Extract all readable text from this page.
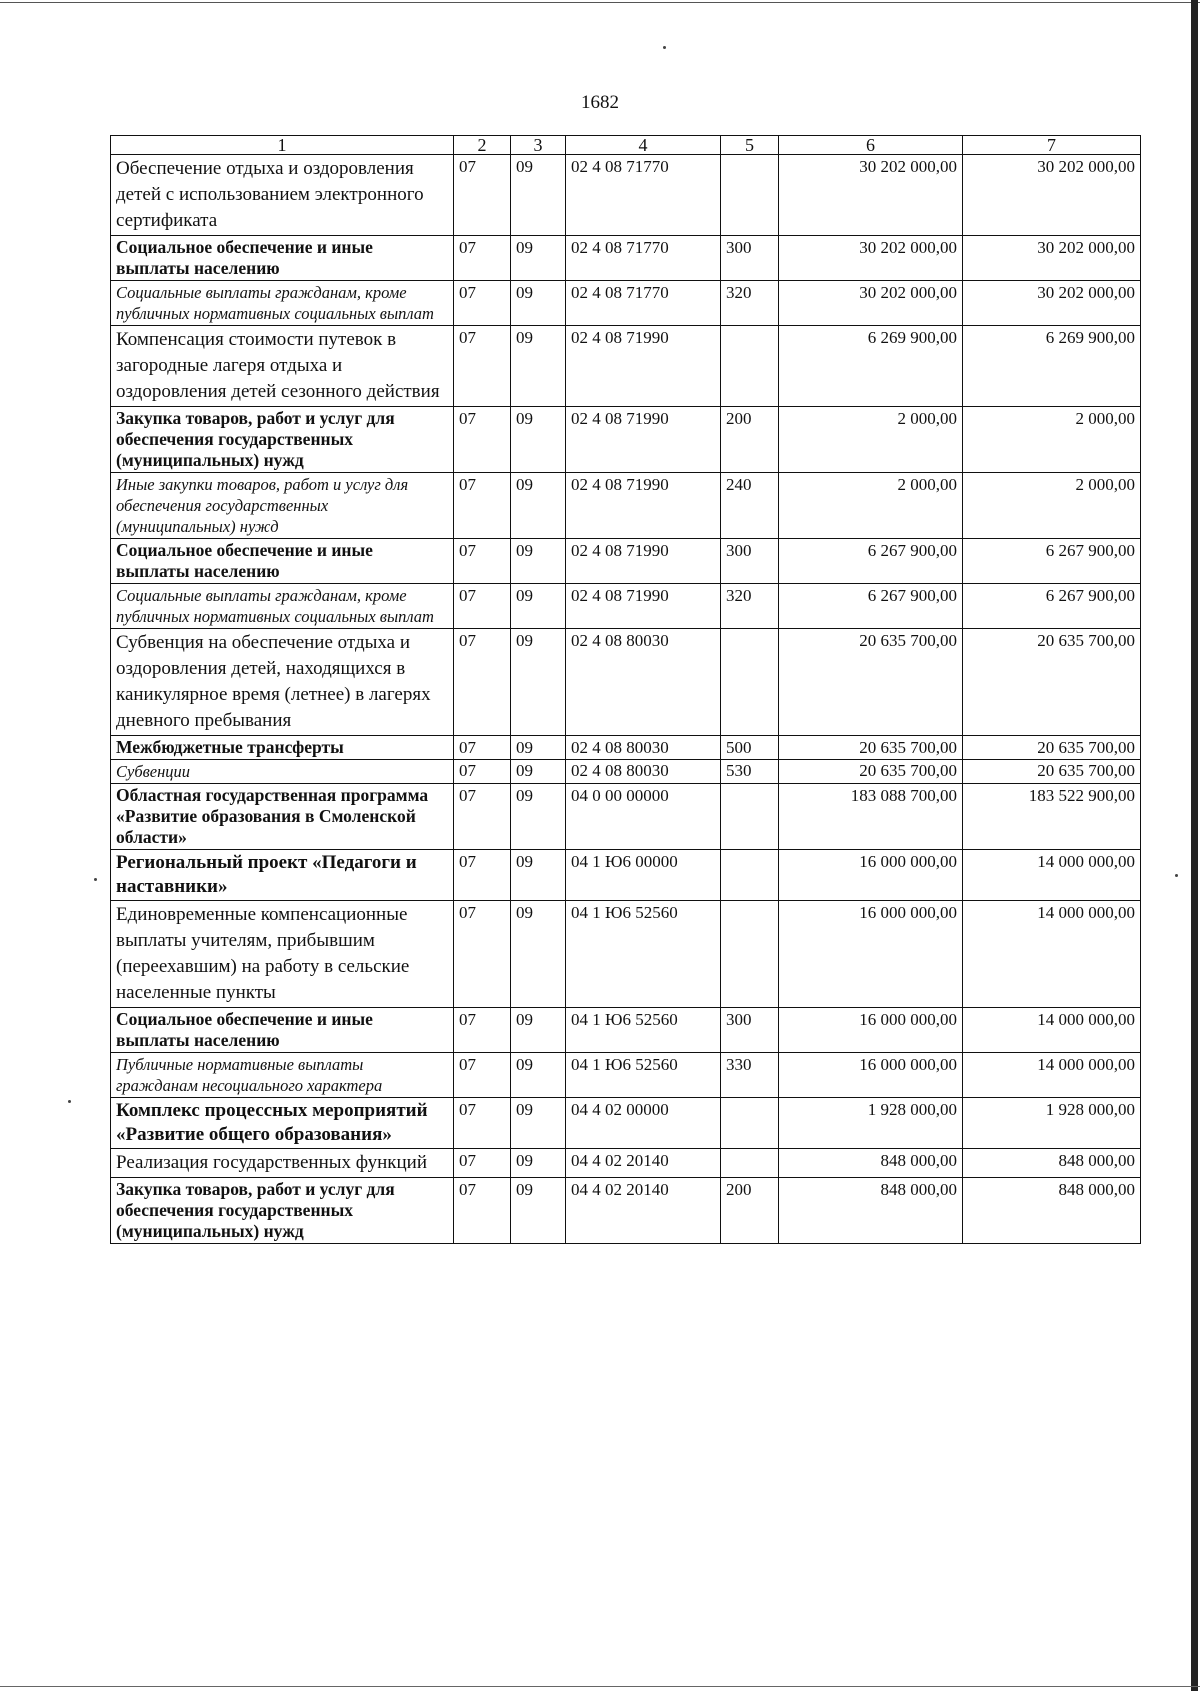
1682
1	2	3	4	5	6	7
Обеспечение отдыха и оздоровления детей с использованием электронного сертификата	07	09	02 4 08 71770		30 202 000,00	30 202 000,00
Социальное обеспечение и иные выплаты населению	07	09	02 4 08 71770	300	30 202 000,00	30 202 000,00
Социальные выплаты гражданам, кроме публичных нормативных социальных выплат	07	09	02 4 08 71770	320	30 202 000,00	30 202 000,00
Компенсация стоимости путевок в загородные лагеря отдыха и оздоровления детей сезонного действия	07	09	02 4 08 71990		6 269 900,00	6 269 900,00
Закупка товаров, работ и услуг для обеспечения государственных (муниципальных) нужд	07	09	02 4 08 71990	200	2 000,00	2 000,00
Иные закупки товаров, работ и услуг для обеспечения государственных (муниципальных) нужд	07	09	02 4 08 71990	240	2 000,00	2 000,00
Социальное обеспечение и иные выплаты населению	07	09	02 4 08 71990	300	6 267 900,00	6 267 900,00
Социальные выплаты гражданам, кроме публичных нормативных социальных выплат	07	09	02 4 08 71990	320	6 267 900,00	6 267 900,00
Субвенция на обеспечение отдыха и оздоровления детей, находящихся в каникулярное время (летнее) в лагерях дневного пребывания	07	09	02 4 08 80030		20 635 700,00	20 635 700,00
Межбюджетные трансферты	07	09	02 4 08 80030	500	20 635 700,00	20 635 700,00
Субвенции	07	09	02 4 08 80030	530	20 635 700,00	20 635 700,00
Областная государственная программа «Развитие образования в Смоленской области»	07	09	04 0 00 00000		183 088 700,00	183 522 900,00
Региональный проект «Педагоги и наставники»	07	09	04 1 Ю6 00000		16 000 000,00	14 000 000,00
Единовременные компенсационные выплаты учителям, прибывшим (переехавшим) на работу в сельские населенные пункты	07	09	04 1 Ю6 52560		16 000 000,00	14 000 000,00
Социальное обеспечение и иные выплаты населению	07	09	04 1 Ю6 52560	300	16 000 000,00	14 000 000,00
Публичные нормативные выплаты гражданам несоциального характера	07	09	04 1 Ю6 52560	330	16 000 000,00	14 000 000,00
Комплекс процессных мероприятий «Развитие общего образования»	07	09	04 4 02 00000		1 928 000,00	1 928 000,00
Реализация государственных функций	07	09	04 4 02 20140		848 000,00	848 000,00
Закупка товаров, работ и услуг для обеспечения государственных (муниципальных) нужд	07	09	04 4 02 20140	200	848 000,00	848 000,00
